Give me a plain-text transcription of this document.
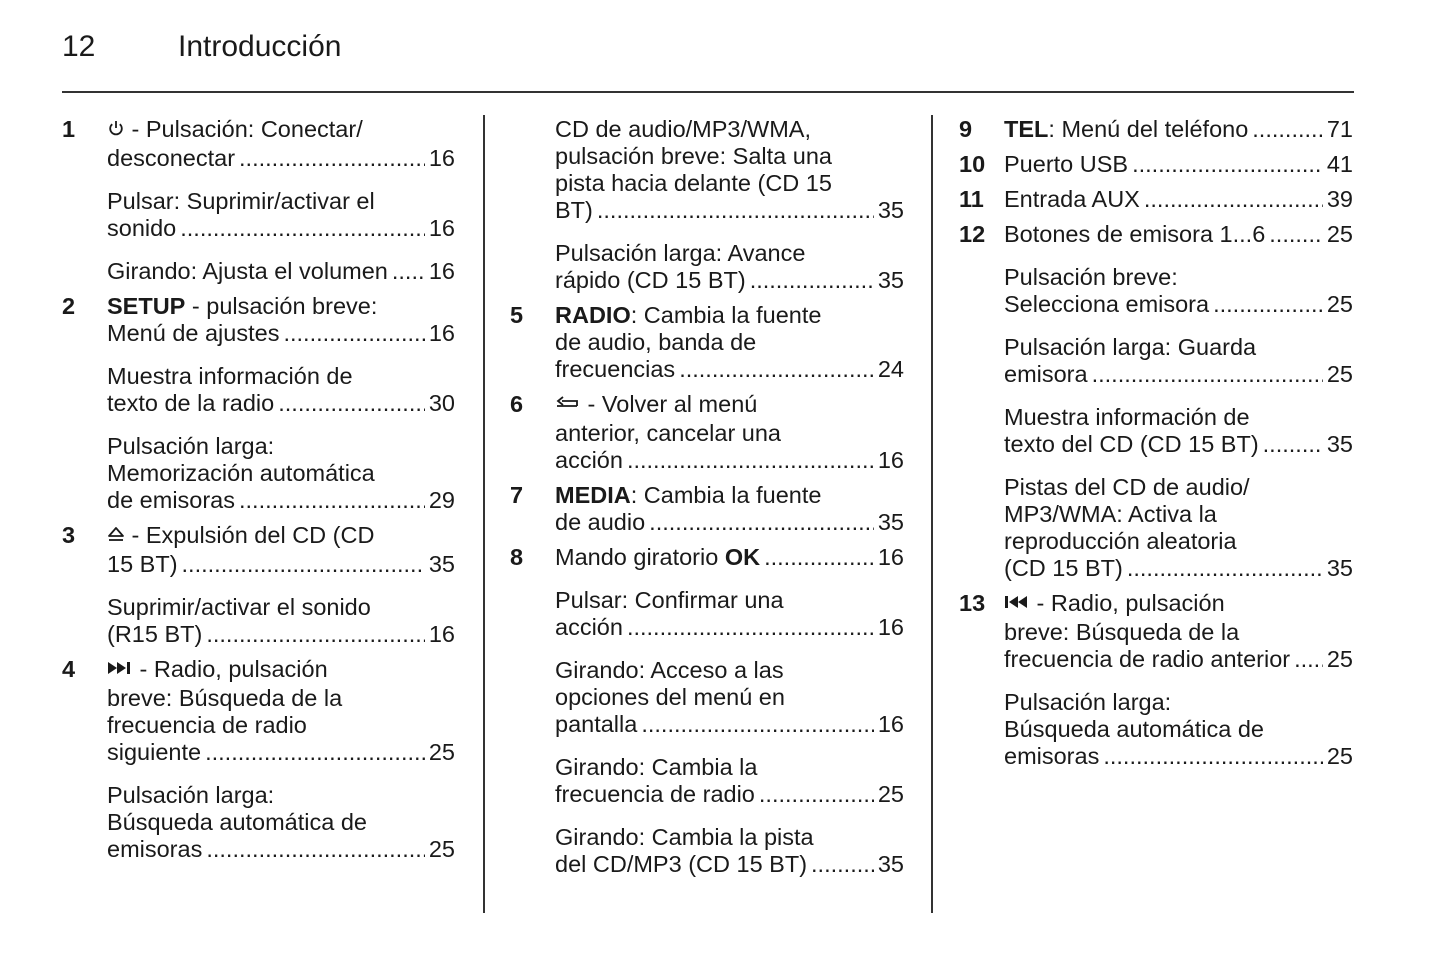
12	Introducción
1	- Pulsación: Conectar/
desconectar .....	16
Pulsar: Suprimir/activar el
sonido .....	16
Girando: Ajusta el volumen ..... 16
2 SETUP - pulsación breve:
Menú de ajustes .....	16
Muestra información de
texto de la radio .....	30
Pulsación larga:
Memorización automática
de emisoras .....	29
3	- Expulsión del CD (CD
15 BT) .....	35
Suprimir/activar el sonido
(R15 BT) .....	16
4	- Radio, pulsación
breve: Búsqueda de la
frecuencia de radio
siguiente .....	25
Pulsación larga:
Búsqueda automática de
emisoras .....	25
CD de audio/MP3/WMA,
pulsación breve: Salta una
pista hacia delante (CD 15
BT) .....	35
Pulsación larga: Avance
rápido (CD 15 BT) .....	35
5 RADIO: Cambia la fuente
de audio, banda de
frecuencias .....	24
6	- Volver al menú
anterior, cancelar una
acción .....	16
7 MEDIA: Cambia la fuente
de audio .....	35
8 Mando giratorio OK .....	16
Pulsar: Confirmar una
acción .....	16
Girando: Acceso a las
opciones del menú en
pantalla .....	16
Girando: Cambia la
frecuencia de radio .....	25
Girando: Cambia la pista
del CD/MP3 (CD 15 BT) .....	35
9 TEL: Menú del teléfono .....	71
10 Puerto USB .....	41
11 Entrada AUX .....	39
12 Botones de emisora 1...6 .....	25
Pulsación breve:
Selecciona emisora .....	25
Pulsación larga: Guarda
emisora .....	25
Muestra información de
texto del CD (CD 15 BT) .....	35
Pistas del CD de audio/
MP3/WMA: Activa la
reproducción aleatoria
(CD 15 BT) .....	35
13	- Radio, pulsación
breve: Búsqueda de la
frecuencia de radio anterior ..... 25
Pulsación larga:
Búsqueda automática de
emisoras .....	25
